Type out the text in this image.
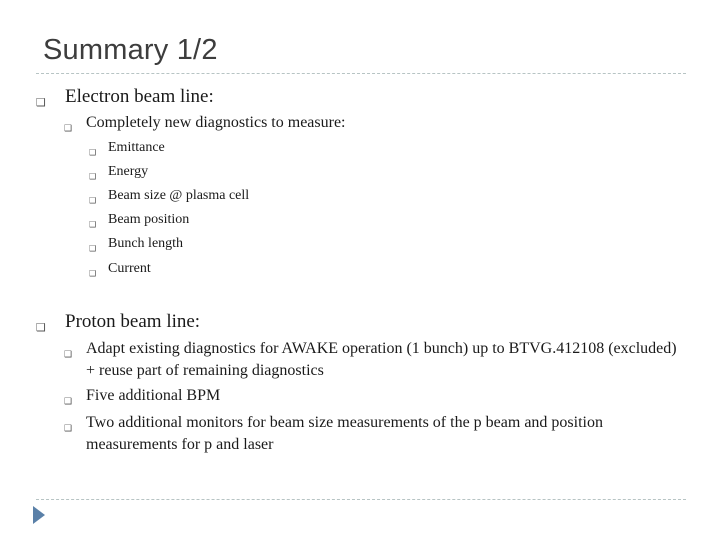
Summary 1/2
❑	Electron beam line:
❑ Completely new diagnostics to measure:
❑ Emittance
❑ Energy
❑ Beam size @ plasma cell
❑ Beam position
❑ Bunch length
❑ Current
❑	Proton beam line:
❑ Adapt existing diagnostics for AWAKE operation (1 bunch) up to BTVG.412108 (excluded) + reuse part of remaining diagnostics
❑ Five additional BPM
❑ Two additional monitors for beam size measurements of the p beam and position measurements for p and laser
